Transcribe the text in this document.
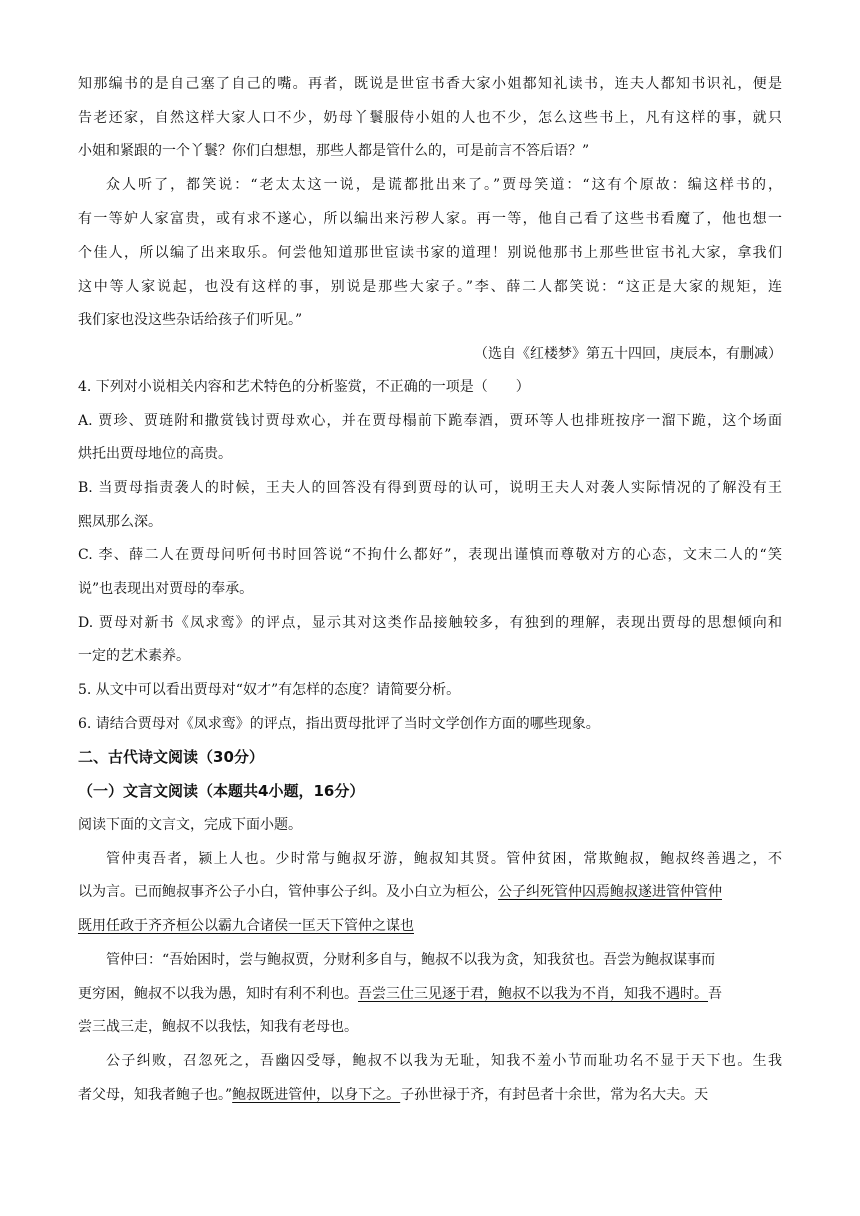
知那编书的是自己塞了自己的嘴。再者，既说是世宦书香大家小姐都知礼读书，连夫人都知书识礼，便是
告老还家，自然这样大家人口不少，奶母丫鬟服侍小姐的人也不少，怎么这些书上，凡有这样的事，就只
小姐和紧跟的一个丫鬟？你们白想想，那些人都是管什么的，可是前言不答后语？”
众人听了，都笑说：“老太太这一说，是谎都批出来了。”贾母笑道：“这有个原故：编这样书的，
有一等妒人家富贵，或有求不遂心，所以编出来污秽人家。再一等，他自己看了这些书看魔了，他也想一
个佳人，所以编了出来取乐。何尝他知道那世宦读书家的道理！别说他那书上那些世宦书礼大家，拿我们
这中等人家说起，也没有这样的事，别说是那些大家子。”李、薛二人都笑说：“这正是大家的规矩，连
我们家也没这些杂话给孩子们听见。”
（选自《红楼梦》第五十四回，庚辰本，有删减）
4. 下列对小说相关内容和艺术特色的分析鉴赏，不正确的一项是（　　）
A. 贾珍、贾琏附和撒赏钱讨贾母欢心，并在贾母榻前下跪奉酒，贾环等人也排班按序一溜下跪，这个场面
烘托出贾母地位的高贵。
B. 当贾母指责袭人的时候，王夫人的回答没有得到贾母的认可，说明王夫人对袭人实际情况的了解没有王
熙凤那么深。
C. 李、薛二人在贾母问听何书时回答说“不拘什么都好”，表现出谨慎而尊敬对方的心态，文末二人的“笑
说”也表现出对贾母的奉承。
D. 贾母对新书《凤求鸾》的评点，显示其对这类作品接触较多，有独到的理解，表现出贾母的思想倾向和
一定的艺术素养。
5. 从文中可以看出贾母对“奴才”有怎样的态度？请简要分析。
6. 请结合贾母对《凤求鸾》的评点，指出贾母批评了当时文学创作方面的哪些现象。
二、古代诗文阅读（30分）
（一）文言文阅读（本题共4小题，16分）
阅读下面的文言文，完成下面小题。
管仲夷吾者，颍上人也。少时常与鲍叔牙游，鲍叔知其贤。管仲贫困，常欺鲍叔，鲍叔终善遇之，不
以为言。已而鲍叔事齐公子小白，管仲事公子纠。及小白立为桓公，公子纠死管仲囚焉鲍叔遂进管仲管仲
既用任政于齐齐桓公以霸九合诸侯一匡天下管仲之谋也
管仲曰：“吾始困时，尝与鲍叔贾，分财利多自与，鲍叔不以我为贪，知我贫也。吾尝为鲍叔谋事而
更穷困，鲍叔不以我为愚，知时有利不利也。吾尝三仕三见逐于君，鲍叔不以我为不肖，知我不遇时。吾
尝三战三走，鲍叔不以我怯，知我有老母也。
公子纠败，召忽死之，吾幽囚受辱，鲍叔不以我为无耻，知我不羞小节而耻功名不显于天下也。生我
者父母，知我者鲍子也。”鲍叔既进管仲，以身下之。子孙世禄于齐，有封邑者十余世，常为名大夫。天
